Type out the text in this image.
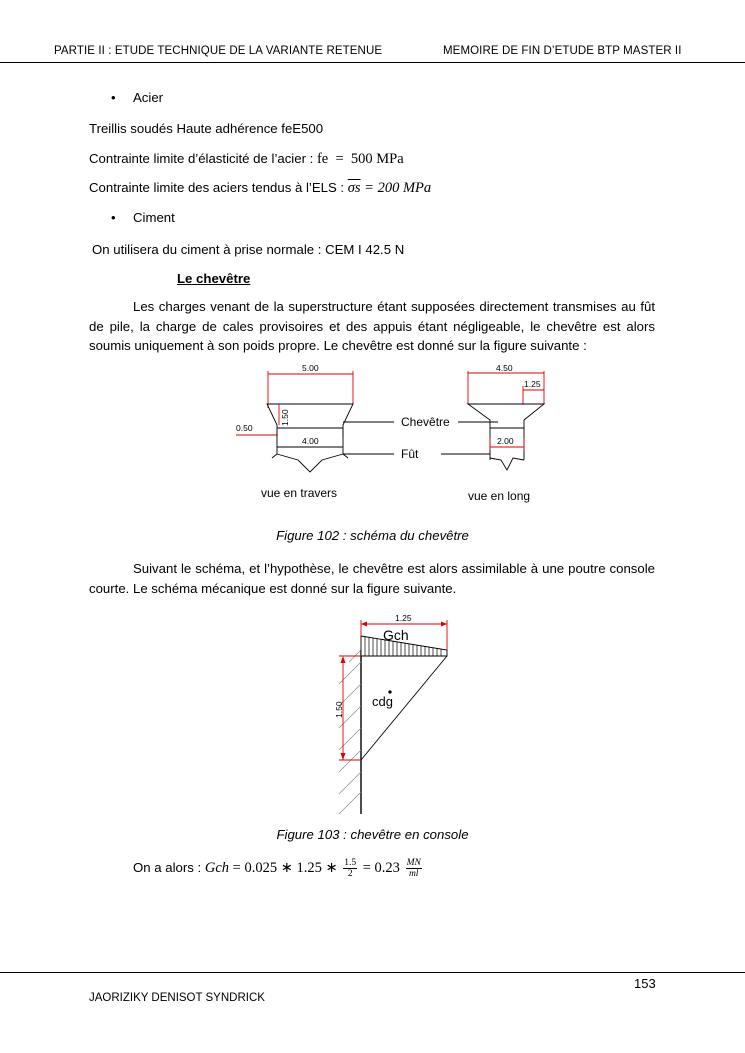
PARTIE II : ETUDE TECHNIQUE DE LA VARIANTE RETENUE	MEMOIRE DE FIN D’ETUDE BTP MASTER II
• Acier
Treillis soudés Haute adhérence feE500
Contrainte limite d’élasticité de l’acier : fe  =  500 MPa
Contrainte limite des aciers tendus à l’ELS : $\overline{\sigma s} = 200$ MPa
• Ciment
On utilisera du ciment à prise normale : CEM I 42.5 N
Le chevêtre
Les charges venant de la superstructure étant supposées directement transmises au fût de pile, la charge de cales provisoires et des appuis étant négligeable, le chevêtre est alors soumis uniquement à son poids propre. Le chevêtre est donné sur la figure suivante :
5.00
0.50
4.00
1.50
4.50
1.25
2.00
Chevêtre
Fût
vue en travers	vue en long
Figure 102 : schéma du chevêtre
Suivant le schéma, et l’hypothèse, le chevêtre est alors assimilable à une poutre console courte. Le schéma mécanique est donné sur la figure suivante.
1.25
Gch
cdg
1.50
Figure 103 : chevêtre en console
On a alors : Gch = 0.025 ∗ 1.25 ∗ $\frac{1.5}{2} = 0.23 \frac{MN}{ml}$
153
JAORIZIKY DENISOT SYNDRICK
